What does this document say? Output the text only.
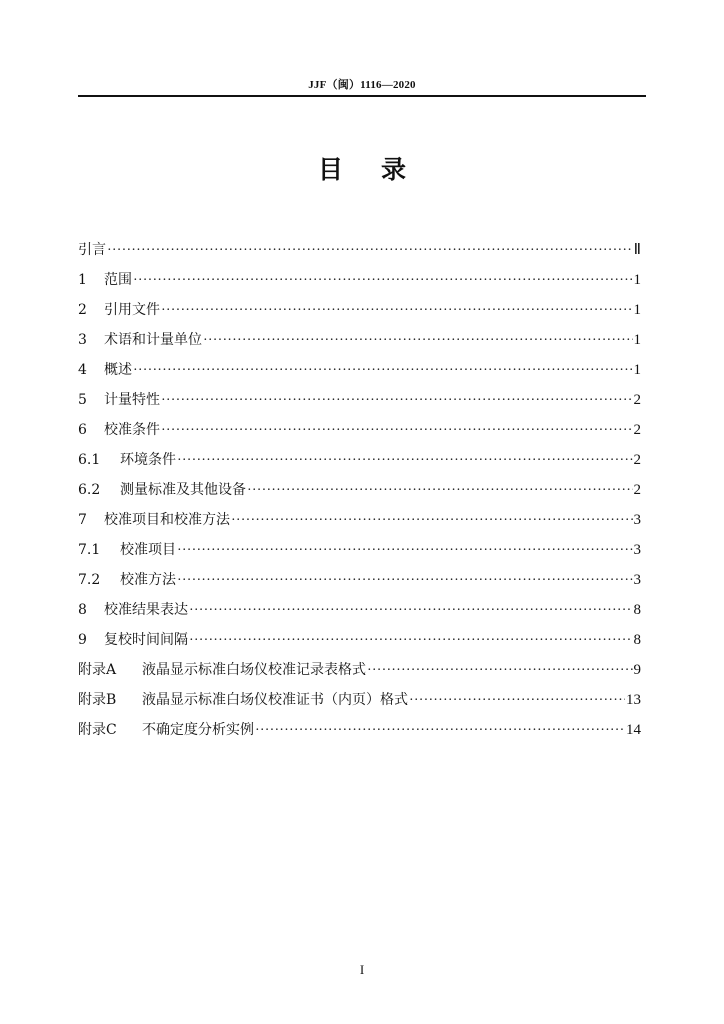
JJF（闽）1116—2020
目 录
引言 ·····	Ⅱ
1	范围 ·····	1
2	引用文件 ·····	1
3	术语和计量单位 ·····	1
4	概述 ·····	1
5	计量特性 ·····	2
6	校准条件 ·····	2
6.1	环境条件 ·····	2
6.2	测量标准及其他设备 ·····	2
7	校准项目和校准方法 ·····	3
7.1	校准项目 ·····	3
7.2	校准方法 ·····	3
8	校准结果表达 ·····	8
9	复校时间间隔 ·····	8
附录A	液晶显示标准白场仪校准记录表格式 ·····	9
附录B	液晶显示标准白场仪校准证书（内页）格式 ·····	13
附录C	不确定度分析实例 ·····	14
I
